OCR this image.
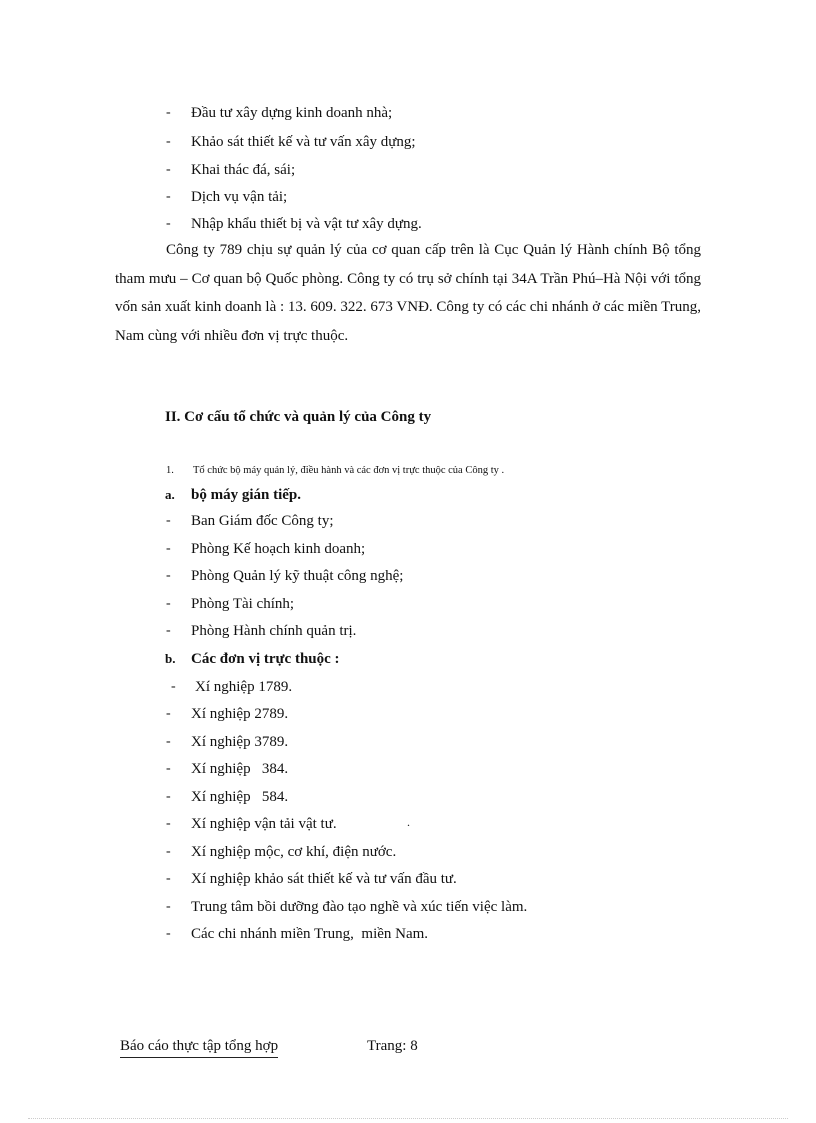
- Đầu tư xây dựng kinh doanh nhà;
- Khảo sát thiết kế và tư vấn xây dựng;
- Khai thác đá, sái;
- Dịch vụ vận tải;
- Nhập khẩu thiết bị và vật tư xây dựng.
Công ty 789 chịu sự quản lý của cơ quan cấp trên là Cục Quản lý Hành chính Bộ tổng tham mưu – Cơ quan bộ Quốc phòng. Công ty có trụ sở chính tại 34A Trần Phú–Hà Nội với tổng vốn sản xuất kinh doanh là : 13. 609. 322. 673 VNĐ. Công ty có các chi nhánh ở các miền Trung, Nam cùng với nhiều đơn vị trực thuộc.
II. Cơ cấu tổ chức và quản lý của Công ty
1. Tổ chức bộ máy quản lý, điều hành và các đơn vị trực thuộc của Công ty .
a. bộ máy gián tiếp.
- Ban Giám đốc Công ty;
- Phòng Kế hoạch kinh doanh;
- Phòng Quản lý kỹ thuật công nghệ;
- Phòng Tài chính;
- Phòng Hành chính quản trị.
b. Các đơn vị trực thuộc :
- Xí nghiệp 1789.
- Xí nghiệp 2789.
- Xí nghiệp 3789.
- Xí nghiệp   384.
- Xí nghiệp   584.
- Xí nghiệp vận tải vật tư.
- Xí nghiệp mộc, cơ khí, điện nước.
- Xí nghiệp khảo sát thiết kế và tư vấn đầu tư.
- Trung tâm bồi dưỡng đào tạo nghề và xúc tiến việc làm.
- Các chi nhánh miền Trung,  miền Nam.
.
Báo cáo thực tập tổng hợp	Trang: 8
